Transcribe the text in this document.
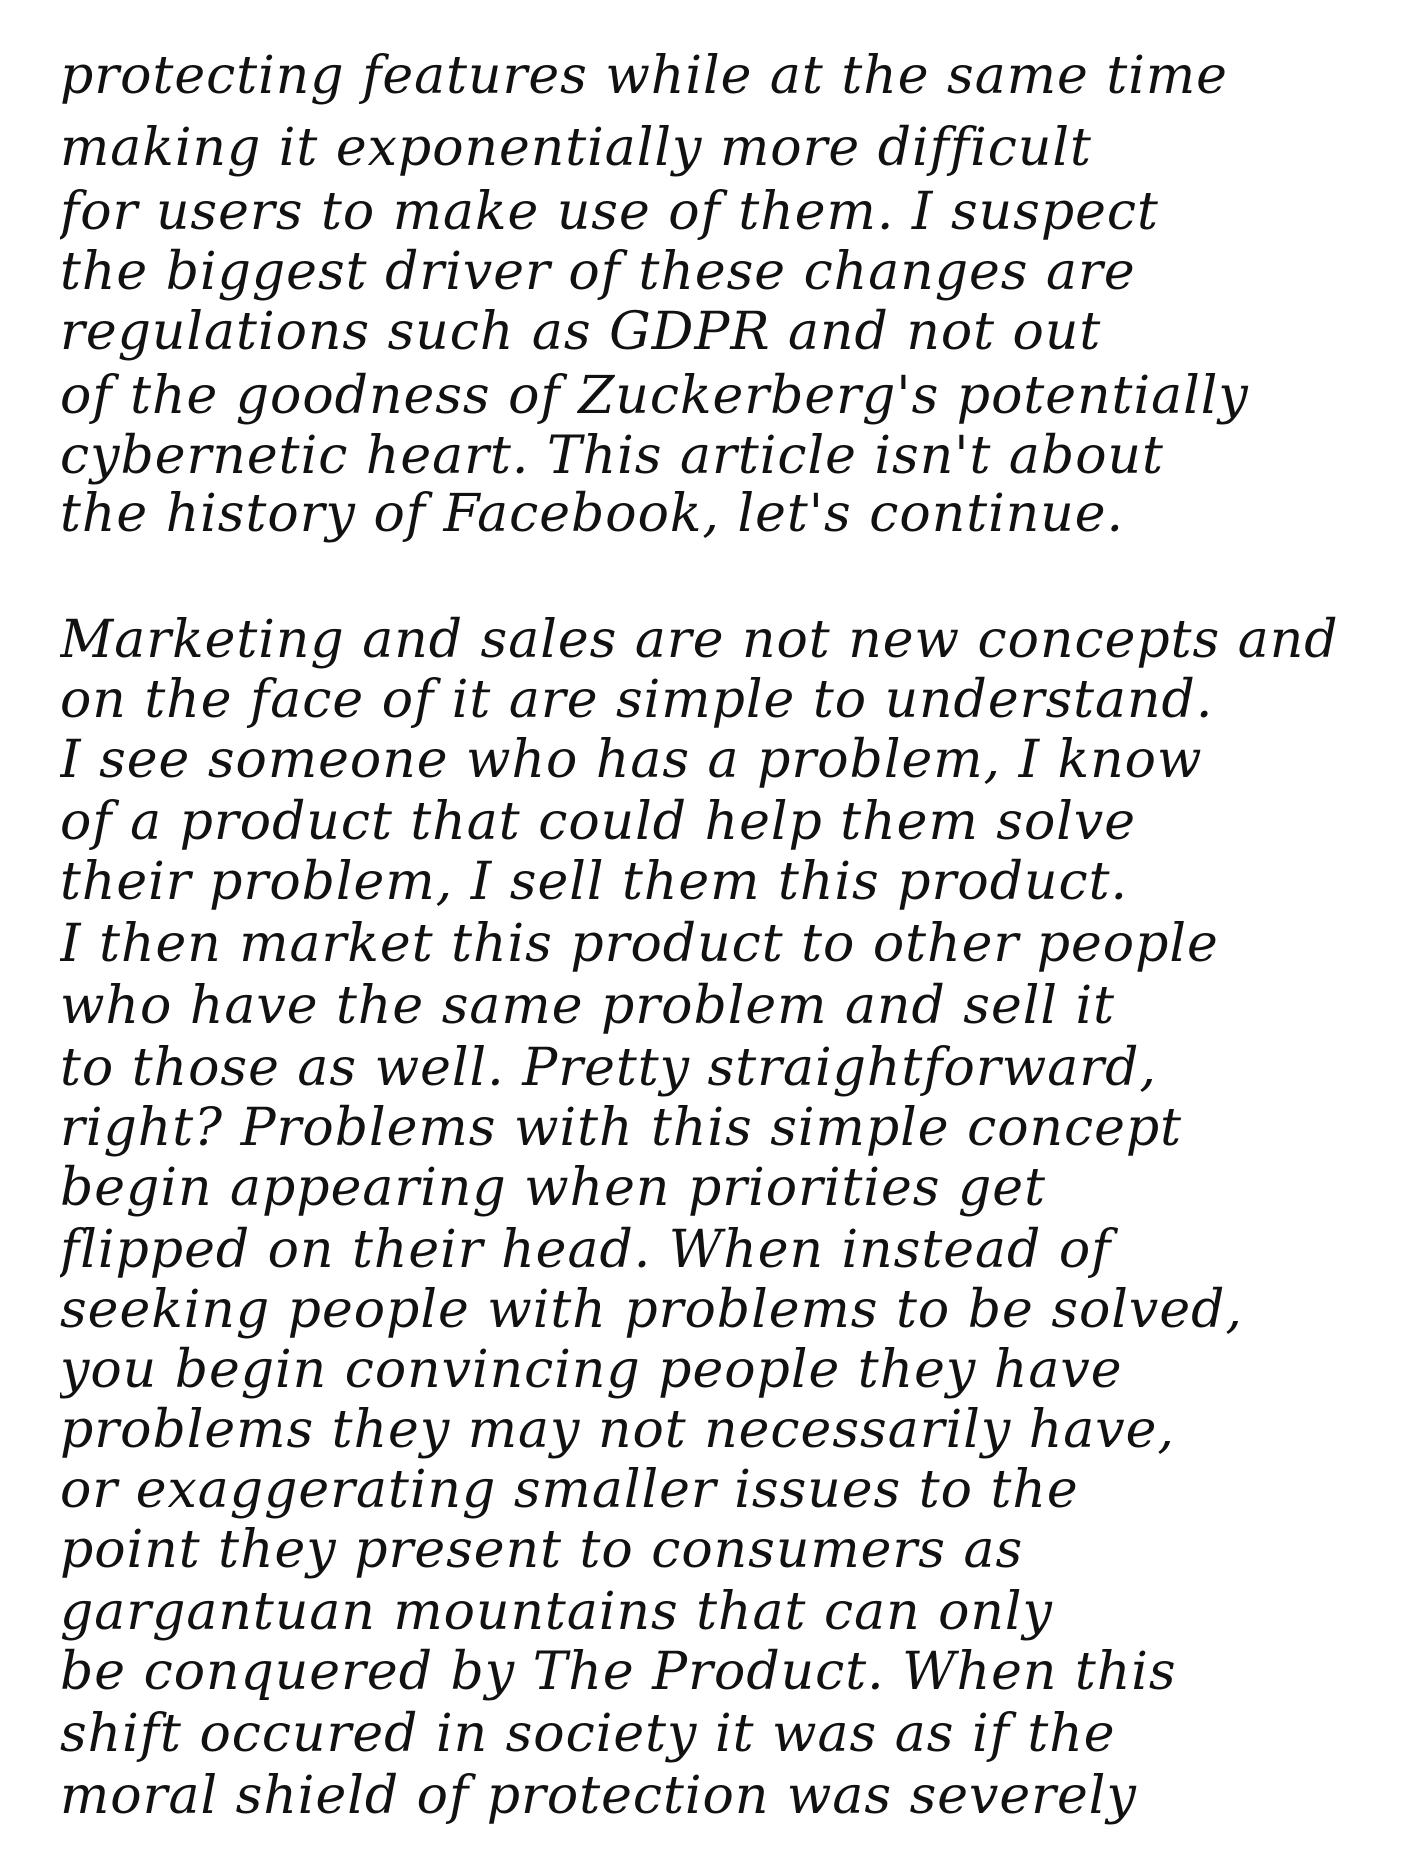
protecting features while at the same time

making it exponentially more difficult

for users to make use of them. I suspect

the biggest driver of these changes are

regulations such as GDPR and not out

of the goodness of Zuckerberg's potentially

cybernetic heart. This article isn't about

the history of Facebook, let's continue.

Marketing and sales are not new concepts and

on the face of it are simple to understand.

I see someone who has a problem, I know

of a product that could help them solve

their problem, I sell them this product.

I then market this product to other people

who have the same problem and sell it

to those as well. Pretty straightforward,

right? Problems with this simple concept

begin appearing when priorities get

flipped on their head. When instead of

seeking people with problems to be solved,

you begin convincing people they have

problems they may not necessarily have,

or exaggerating smaller issues to the

point they present to consumers as

gargantuan mountains that can only

be conquered by The Product. When this

shift occured in society it was as if the

moral shield of protection was severely
